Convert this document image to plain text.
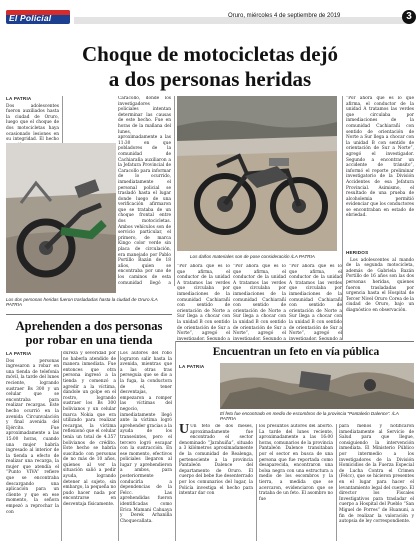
El Policial	Oruro, miércoles 4 de septiembre de 2019	3
Choque de motocicletas dejó
a dos personas heridas
LA PATRIA

Dos adolescentes fueron auxiliados hasta la ciudad de Oruro, luego que el choque de dos motocicletas haya ocasionado lesiones en su integridad. El hecho

Los dos personas heridas fueron trasladadas hasta la ciudad de Oruro /LA PATRIA

Caracollo, donde los investigadores policiales intentan determinar las causas de este hecho. Fue en horas de la mañana del lunes, aproximadamente a las 11:30 en que pobladores de la comunidad de Cachiaraña auxiliaron a la Jefatura Provincial de Caracollo para informar de lo ocurrido, inmediatamente el personal policial se trasladó hasta el lugar donde luego de una verificación afirmaron que se trataba de un choque frontal entre dos motocicletas. Ambos vehículos son de servicio particular, el primero, de marca Kingo color verde sin placa de circulación, era manejado por Pablo Portillo Bazán de 18 años, quien se encontraba por uno de los caminos de esta comunidad llegó a

Los daños materiales son de pose consideración /LA PATRIA

“Por ahora que es lo que afirma, el conductor de la unidad A tratamos las verdes que circulaba por inmediaciones de la comunidad Cachiarañí con sentido de orientación de Norte a Sur llega a chocar con la unidad B con sentido de orientación de Sur a Norte”, agregó el investigador. Segundo a

“Por ahora que es lo que afirma, el conductor de la unidad A tratamos las verdes que circulaba por inmediaciones de la comunidad Cachiarañí con sentido de orientación de Norte a Sur llega a chocar con la unidad B con sentido de orientación de Sur a Norte”, agregó el investigador. Segundo a

“Por ahora que es lo que afirma, el conductor de la unidad A tratamos las verdes que circulaba por inmediaciones de la comunidad Cachiarañí con sentido de orientación de Norte a Sur llega a chocar con la unidad B con sentido de orientación de Sur a Norte”, agregó el investigador. Segundo a

“Por ahora que es lo que afirma, el conductor de la unidad A tratamos las verdes que circulaba por inmediaciones de la comunidad Cachiarañí con sentido de orientación de Norte a Sur llega a chocar con la unidad B con sentido de orientación de Sur a Norte”, agregó el investigador. Segundo a encontrar un accidente de tránsito”, informó el reporte preliminar investigatorio de la División Accidentes de esa Jefatura Provincial. Asimismo, el resultado de una prueba de alcoholemia permitió evidenciar que los conductores se encontraban en estado de ebriedad.

HERIDOS

Los adolescentes al mando de la segunda motocicleta, además de Gabriela Bazán Portillo de 16 años son las dos personas heridas, quienes fueron trasladadas por urgencia hasta el Hospital de Tercer Nivel Oruro Corea de la ciudad de Oruro, bajo un diagnóstico en observación.

Aprehenden a dos personas
por robar en una tienda
LA PATRIA

Dos personas ingresaron a robar en una tienda de telefonía móvil, la tarde del lunes reciente, logrando sustraer Bs 300 y un celular que se encontraba para realizar recargas. Este hecho ocurrió en la avenida Circunvalación y final avenida del Ejército. Fue aproximadamente a las 15:00 horas, cuando una mujer habría ingresado al interior de la tienda a efecto de realizar una recarga, la mujer que atendía el “Punto VIVA” refiere que se encontraba descargando una aplicación para un cliente y que en ese momento, la señora empezó a reprochar la con

dureza y severidad por no haberla atendido de manera inmediata. Fue entonces que otra persona ingresó a la tienda y comenzó a agredir a la víctima, dándole un golpe en el rostro, logrando sustraer los Bs 300 bolivianos y un celular marca Nokia que era utilizado para realizar recargas, la víctima reflexionó que el celular tenía un total de 4.357 bolivianos de crédito. Este hecho se habría suscitado con personas de no más de 10 años, quienes al ver la situación salió a pedir ayuda, logrando detener al sujeto, sin embargo, la pequeña no pudo hacer nada por encontrarse en desventaja físicamente.

Los autores del robo lograron salir hasta la avenida, mientras que a las otras tras perseguía que se dio a la fuga, la conductora de el, tener desventajas, empezaron a romper las víctimas del negocio, inmediatamente llegó ante la víctima logró aprehender gracias a la ayuda de los transeúntes, pero el tercero logró escapar con la sustracción. En ese momento, efectivos policiales llegaron al lugar y aprehendieron a ambos, para posteriormente conducirla a dependencias de la Felcc. Las aprehendidas fueron identificadas como Erica Mamani Cahuaya y Derek Arhanilla Choquecallata.

Encuentran un feto en vía pública
LA PATRIA
El feto fue encontrado en medio de escombros de la provincia “Pantaleón Dalence”. /LA PATRIA
U Un feto de dos meses, aproximadamente fue encontrado el sector denominado “Jarahuiña”, situado a 3 kilómetros aproximadamente de la comunidad de Realenga, perteneciente a la provincia Pantaleón Dalence del departamento de Oruro. El cuerpo del bebe fue desenterrado por los comunarios del lugar, la Policía investiga el hecho para intentar dar con

los presuntos autores del aborto. La tarde del lunes reciente, aproximadamente a las 16:00 horas, comunarios de la provincia Pantaleón Dalence transitaban por el sector en busca de una persona que fue reportada como desaparecida, encontraron una bolsa negra con una estructura a medio de los escombros y la tierra, a medida que se acercaron, evidenciaron que se trataba de un feto. El asombro no fue

para menos y notificaron inmediatamente al Servicio de Salud para que llegue, consiguiendo la intervención inmediata. El Ministerio Público por intermedio a los investigadores de la División Homicidios de la Fuerza Especial de Lucha Contra el Crimen (Felcc), que se hicieron presentes en el lugar para hacer el levantamiento legal del cuerpo. El director los Fiscales Investigativos para trasladar el cuerpo a Hospital del Pueblo “San Miguel de Porres” de Huanuni, a fin de realizar la valoración y autopsia de ley correspondiente.
